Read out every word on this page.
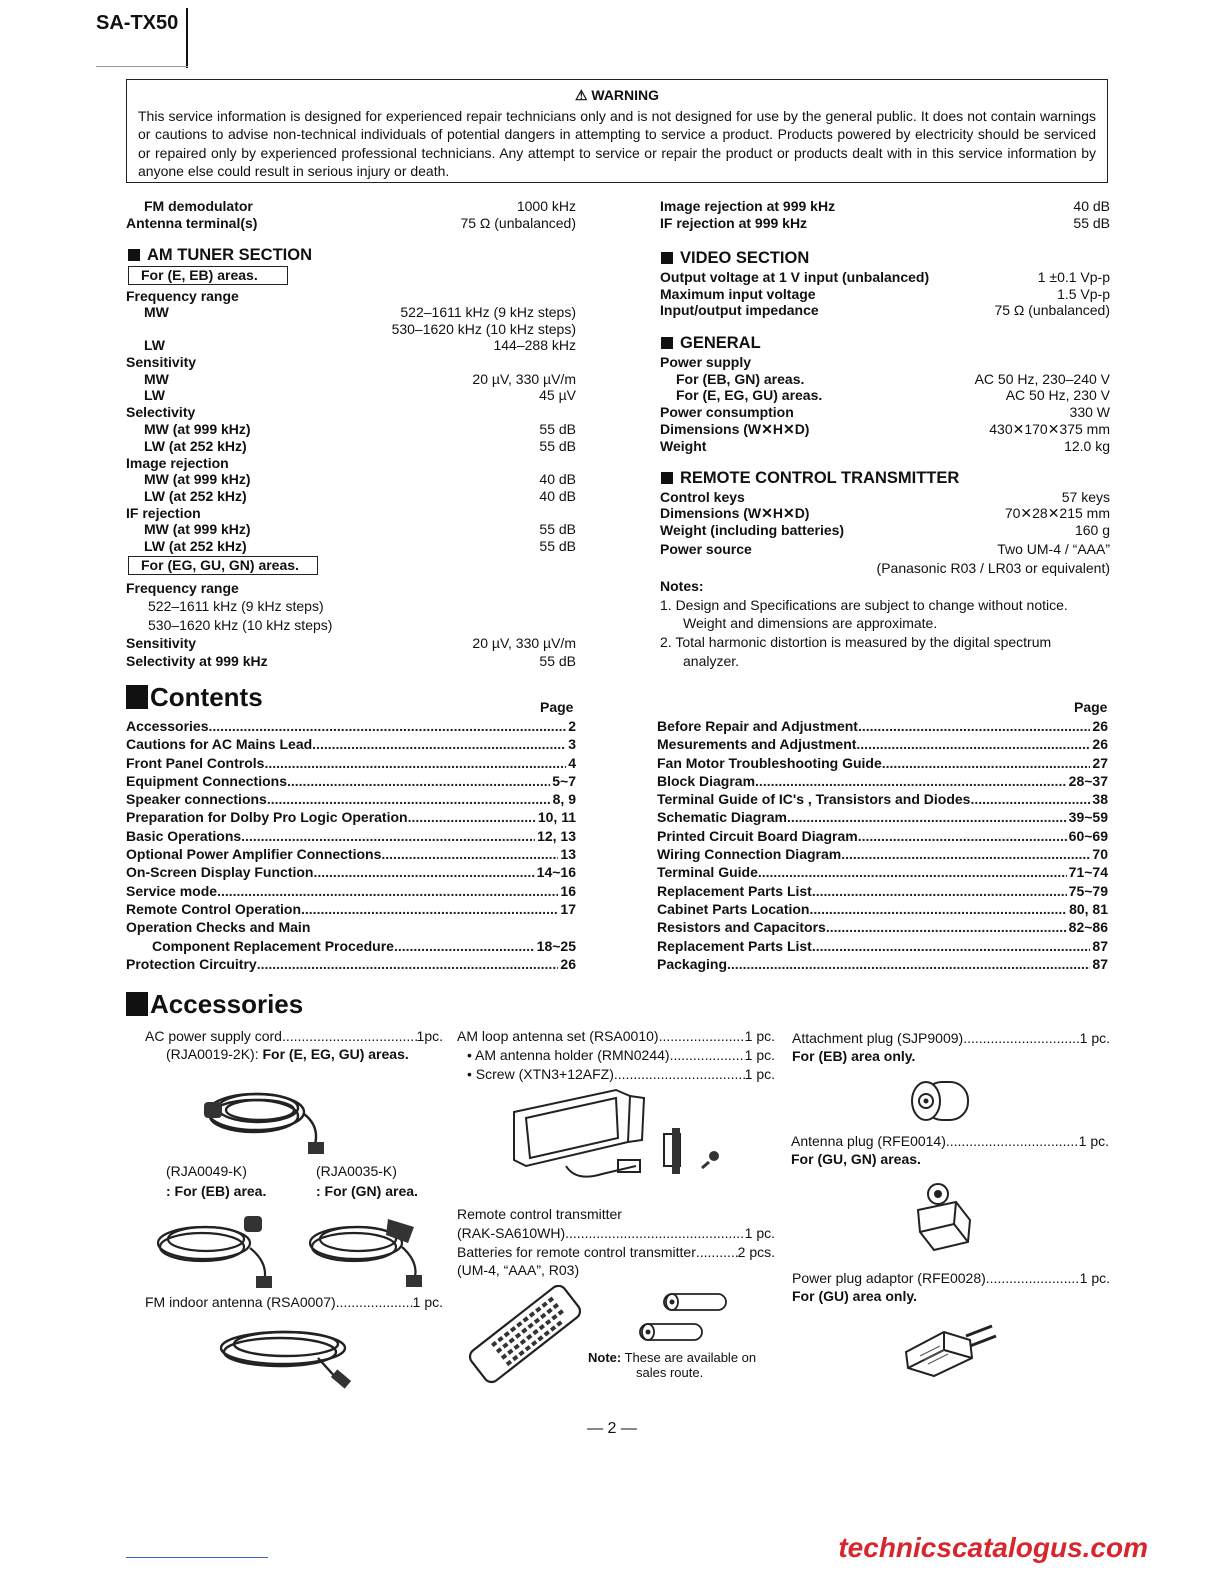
SA-TX50
⚠ WARNING
This service information is designed for experienced repair technicians only and is not designed for use by the general public. It does not contain warnings or cautions to advise non-technical individuals of potential dangers in attempting to service a product. Products powered by electricity should be serviced or repaired only by experienced professional technicians. Any attempt to service or repair the product or products dealt with in this service information by anyone else could result in serious injury or death.
FM demodulator	1000 kHz
Antenna terminal(s)	75 Ω (unbalanced)
AM TUNER SECTION
For (E, EB) areas.
Frequency range
MW	522–1611 kHz (9 kHz steps)
530–1620 kHz (10 kHz steps)
LW	144–288 kHz
Sensitivity
MW	20 µV, 330 µV/m
LW	45 µV
Selectivity
MW (at 999 kHz)	55 dB
LW (at 252 kHz)	55 dB
Image rejection
MW (at 999 kHz)	40 dB
LW (at 252 kHz)	40 dB
IF rejection
MW (at 999 kHz)	55 dB
LW (at 252 kHz)	55 dB
For (EG, GU, GN) areas.
Frequency range
522–1611 kHz (9 kHz steps)
530–1620 kHz (10 kHz steps)
Sensitivity	20 µV, 330 µV/m
Selectivity at 999 kHz	55 dB
Image rejection at 999 kHz	40 dB
IF rejection at 999 kHz	55 dB
VIDEO SECTION
Output voltage at 1 V input (unbalanced)	1 ±0.1 Vp-p
Maximum input voltage	1.5 Vp-p
Input/output impedance	75 Ω (unbalanced)
GENERAL
Power supply
For (EB, GN) areas.	AC 50 Hz, 230–240 V
For (E, EG, GU) areas.	AC 50 Hz, 230 V
Power consumption	330 W
Dimensions (W✕H✕D)	430✕170✕375 mm
Weight	12.0 kg
REMOTE CONTROL TRANSMITTER
Control keys	57 keys
Dimensions (W✕H✕D)	70✕28✕215 mm
Weight (including batteries)	160 g
Power source	Two UM-4 / “AAA”
(Panasonic R03 / LR03 or equivalent)
Notes:
1. Design and Specifications are subject to change without notice.
Weight and dimensions are approximate.
2. Total harmonic distortion is measured by the digital spectrum
analyzer.
Contents	Page	Page
Accessories .....	2
Cautions for AC Mains Lead .....	3
Front Panel Controls .....	4
Equipment Connections .....	5~7
Speaker connections .....	8, 9
Preparation for Dolby Pro Logic Operation .....	10, 11
Basic Operations .....	12, 13
Optional Power Amplifier Connections .....	13
On-Screen Display Function .....	14~16
Service mode .....	16
Remote Control Operation .....	17
Operation Checks and Main
Component Replacement Procedure .....	18~25
Protection Circuitry .....	26
Before Repair and Adjustment .....	26
Mesurements and Adjustment .....	26
Fan Motor Troubleshooting Guide .....	27
Block Diagram .....	28~37
Terminal Guide of IC's , Transistors and Diodes .....	38
Schematic Diagram .....	39~59
Printed Circuit Board Diagram .....	60~69
Wiring Connection Diagram .....	70
Terminal Guide .....	71~74
Replacement Parts List .....	75~79
Cabinet Parts Location .....	80, 81
Resistors and Capacitors .....	82~86
Replacement Parts List .....	87
Packaging .....	87
Accessories
AC power supply cord .....	1pc.
(RJA0019-2K): For (E, EG, GU) areas.
(RJA0049-K)
: For (EB) area.
(RJA0035-K)
: For (GN) area.
FM indoor antenna (RSA0007) .....	1 pc.
AM loop antenna set (RSA0010) .....	1 pc.
• AM antenna holder (RMN0244) .....	1 pc.
• Screw (XTN3+12AFZ) .....	1 pc.
Remote control transmitter
(RAK-SA610WH) .....	1 pc.
Batteries for remote control transmitter .....	2 pcs.
(UM-4, “AAA”, R03)
Note: These are available on
sales route.
Attachment plug (SJP9009) .....	1 pc.
For (EB) area only.
Antenna plug (RFE0014) .....	1 pc.
For (GU, GN) areas.
Power plug adaptor (RFE0028) .....	1 pc.
For (GU) area only.
— 2 —
technicscatalogus.com
